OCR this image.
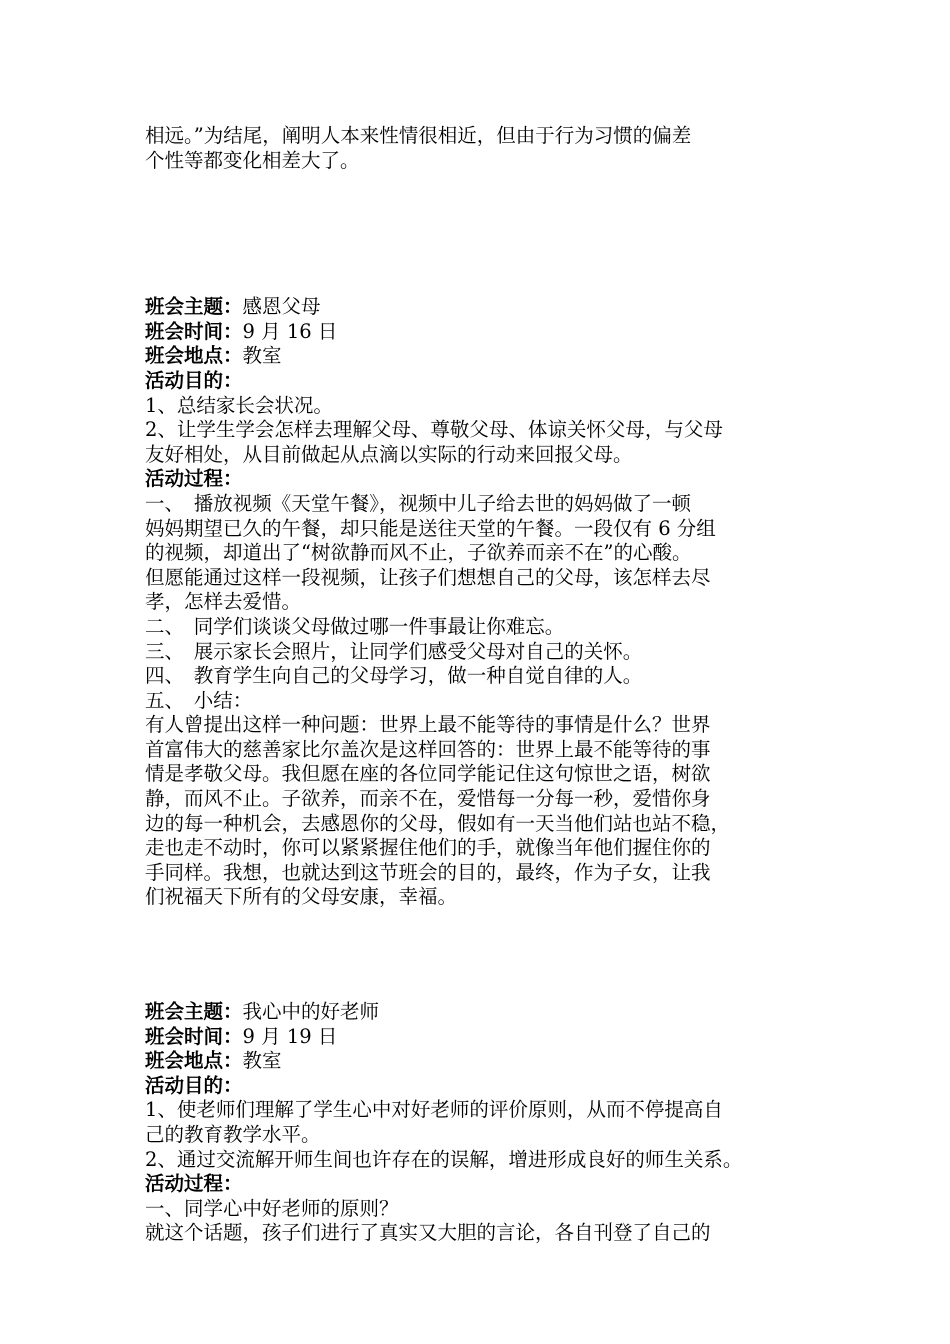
相远。”为结尾，阐明人本来性情很相近，但由于行为习惯的偏差

个性等都变化相差大了。

班会主题：感恩父母

班会时间：9 月 16 日

班会地点：教室

活动目的：

1、总结家长会状况。

2、让学生学会怎样去理解父母、尊敬父母、体谅关怀父母，与父母

友好相处，从目前做起从点滴以实际的行动来回报父母。

活动过程：

一、　播放视频《天堂午餐》，视频中儿子给去世的妈妈做了一顿

妈妈期望已久的午餐，却只能是送往天堂的午餐。一段仅有 6 分组

的视频，却道出了“树欲静而风不止，子欲养而亲不在”的心酸。

但愿能通过这样一段视频，让孩子们想想自己的父母，该怎样去尽

孝，怎样去爱惜。

二、　同学们谈谈父母做过哪一件事最让你难忘。

三、　展示家长会照片，让同学们感受父母对自己的关怀。

四、　教育学生向自己的父母学习，做一种自觉自律的人。

五、　小结：

有人曾提出这样一种问题：世界上最不能等待的事情是什么？世界

首富伟大的慈善家比尔盖次是这样回答的：世界上最不能等待的事

情是孝敬父母。我但愿在座的各位同学能记住这句惊世之语，树欲

静，而风不止。子欲养，而亲不在，爱惜每一分每一秒，爱惜你身

边的每一种机会，去感恩你的父母，假如有一天当他们站也站不稳，

走也走不动时，你可以紧紧握住他们的手，就像当年他们握住你的

手同样。我想，也就达到这节班会的目的，最终，作为子女，让我

们祝福天下所有的父母安康，幸福。

班会主题：我心中的好老师

班会时间：9 月 19 日

班会地点：教室

活动目的：

1、使老师们理解了学生心中对好老师的评价原则，从而不停提高自

己的教育教学水平。

2、通过交流解开师生间也许存在的误解，增进形成良好的师生关系。

活动过程：

一、同学心中好老师的原则？

就这个话题，孩子们进行了真实又大胆的言论，各自刊登了自己的
